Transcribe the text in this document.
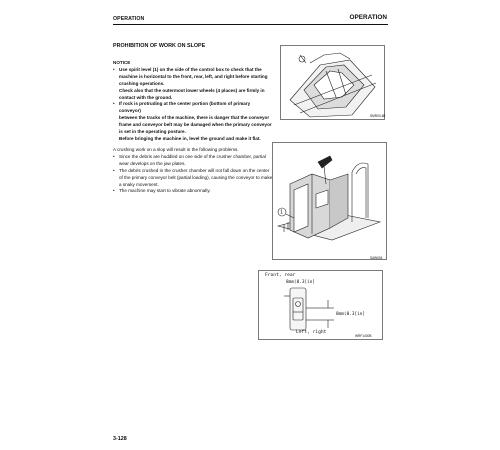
OPERATION	OPERATION
PROHIBITION OF WORK ON SLOPE
NOTICE
• Use spirit level (1) on the side of the control box to check that the
machine is horizontal to the front, rear, left, and right before starting
crushing operations.
Check also that the outermost lower wheels (4 places) are firmly in
contact with the ground.
• If rock is protruding at the center portion (bottom of primary conveyor)
between the tracks of the machine, there is danger that the conveyor
frame and conveyor belt may be damaged when the primary conveyor
is set in the operating posture.
Before bringing the machine in, level the ground and make it flat.
A crushing work on a slop will result in the following problems.
• Since the debris are huddled on one side of the crusher chamber, partial wear develops on the jaw plates.
• The debris crushed in the crusher chamber will not fall down on the center of the primary conveyor belt (partial loading), causing the conveyor to make a snaky movement.
• The machine may start to vibrate abnormally.
SMR00-88
1
SAW004
Front, rear
8mm(0.3[in]
8mm(0.3[in]
Left, right
WRF1430B
3-128
